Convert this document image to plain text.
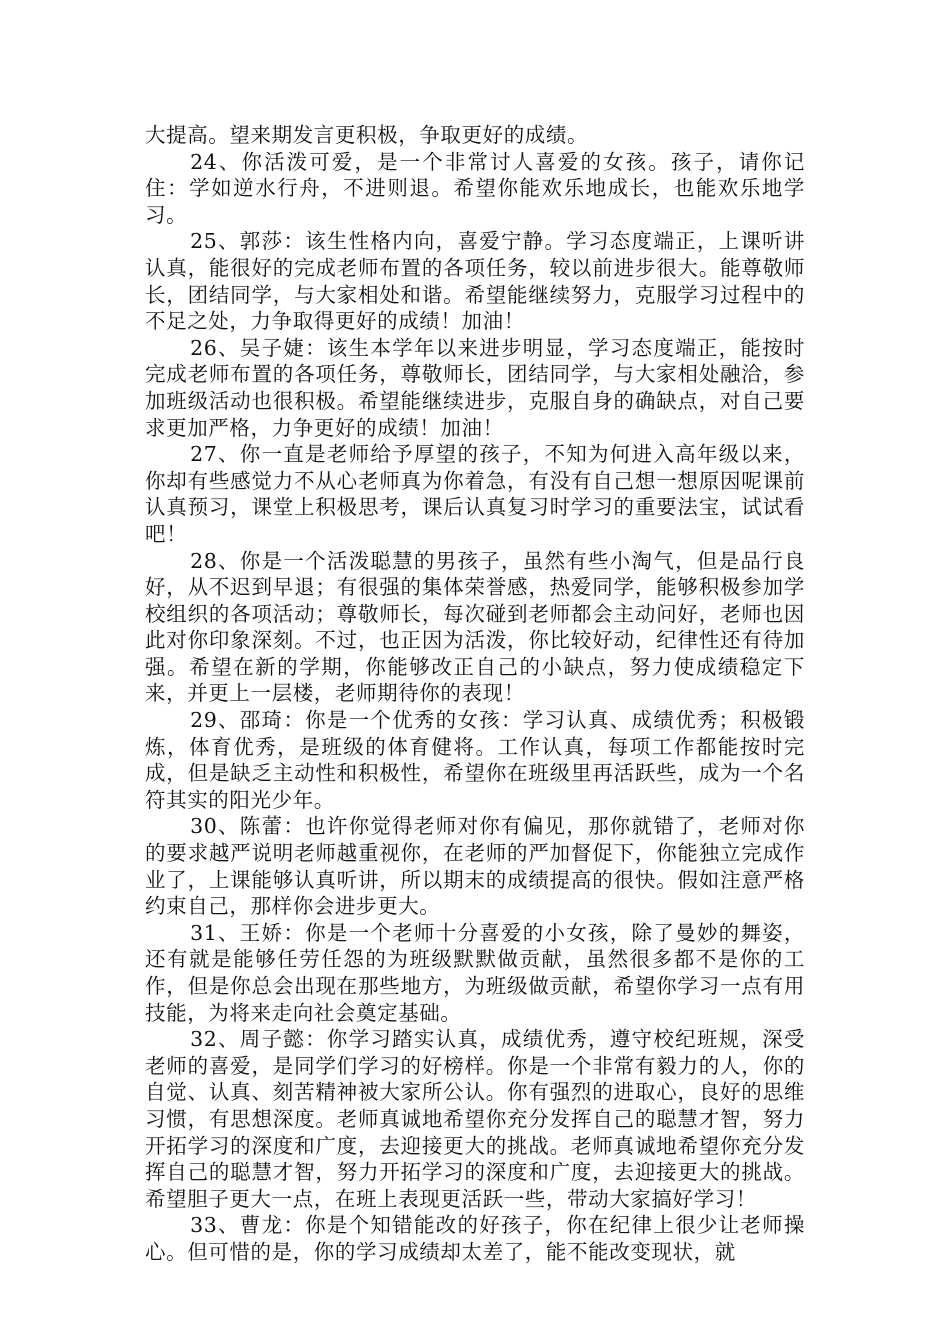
大提高。望来期发言更积极，争取更好的成绩。

24、你活泼可爱，是一个非常讨人喜爱的女孩。孩子，请你记住：学如逆水行舟，不进则退。希望你能欢乐地成长，也能欢乐地学习。

25、郭莎：该生性格内向，喜爱宁静。学习态度端正，上课听讲认真，能很好的完成老师布置的各项任务，较以前进步很大。能尊敬师长，团结同学，与大家相处和谐。希望能继续努力，克服学习过程中的不足之处，力争取得更好的成绩！加油！

26、吴子婕：该生本学年以来进步明显，学习态度端正，能按时完成老师布置的各项任务，尊敬师长，团结同学，与大家相处融洽，参加班级活动也很积极。希望能继续进步，克服自身的确缺点，对自己要求更加严格，力争更好的成绩！加油！

27、你一直是老师给予厚望的孩子，不知为何进入高年级以来，你却有些感觉力不从心老师真为你着急，有没有自己想一想原因呢课前认真预习，课堂上积极思考，课后认真复习时学习的重要法宝，试试看吧！

28、你是一个活泼聪慧的男孩子，虽然有些小淘气，但是品行良好，从不迟到早退；有很强的集体荣誉感，热爱同学，能够积极参加学校组织的各项活动；尊敬师长，每次碰到老师都会主动问好，老师也因此对你印象深刻。不过，也正因为活泼，你比较好动，纪律性还有待加强。希望在新的学期，你能够改正自己的小缺点，努力使成绩稳定下来，并更上一层楼，老师期待你的表现！

29、邵琦：你是一个优秀的女孩：学习认真、成绩优秀；积极锻炼，体育优秀，是班级的体育健将。工作认真，每项工作都能按时完成，但是缺乏主动性和积极性，希望你在班级里再活跃些，成为一个名符其实的阳光少年。

30、陈蕾：也许你觉得老师对你有偏见，那你就错了，老师对你的要求越严说明老师越重视你，在老师的严加督促下，你能独立完成作业了，上课能够认真听讲，所以期末的成绩提高的很快。假如注意严格约束自己，那样你会进步更大。

31、王娇：你是一个老师十分喜爱的小女孩，除了曼妙的舞姿，还有就是能够任劳任怨的为班级默默做贡献，虽然很多都不是你的工作，但是你总会出现在那些地方，为班级做贡献，希望你学习一点有用技能，为将来走向社会奠定基础。

32、周子懿：你学习踏实认真，成绩优秀，遵守校纪班规，深受老师的喜爱，是同学们学习的好榜样。你是一个非常有毅力的人，你的自觉、认真、刻苦精神被大家所公认。你有强烈的进取心，良好的思维习惯，有思想深度。老师真诚地希望你充分发挥自己的聪慧才智，努力开拓学习的深度和广度，去迎接更大的挑战。老师真诚地希望你充分发挥自己的聪慧才智，努力开拓学习的深度和广度，去迎接更大的挑战。希望胆子更大一点，在班上表现更活跃一些，带动大家搞好学习！

33、曹龙：你是个知错能改的好孩子，你在纪律上很少让老师操心。但可惜的是，你的学习成绩却太差了，能不能改变现状，就
